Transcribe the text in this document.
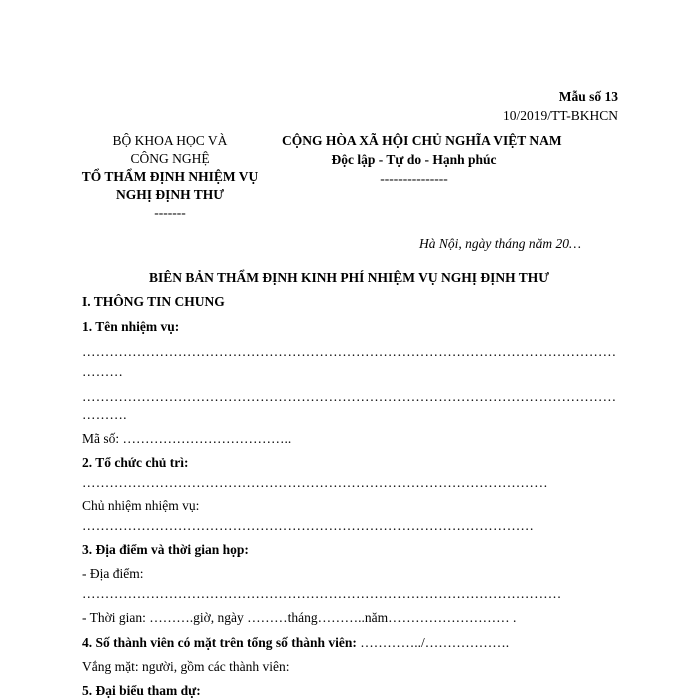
Mẫu số 13
10/2019/TT-BKHCN
BỘ KHOA HỌC VÀ
CÔNG NGHỆ
TỔ THẨM ĐỊNH NHIỆM VỤ
NGHỊ ĐỊNH THƯ
-------
CỘNG HÒA XÃ HỘI CHỦ NGHĨA VIỆT NAM
Độc lập - Tự do - Hạnh phúc
---------------
Hà Nội, ngày tháng năm 20…
BIÊN BẢN THẨM ĐỊNH KINH PHÍ NHIỆM VỤ NGHỊ ĐỊNH THƯ
I. THÔNG TIN CHUNG
1. Tên nhiệm vụ:
………………………………………………………………………………………………………
………
………………………………………………………………………………………………………
……….
Mã số: ………………………………..
2. Tổ chức chủ trì:
…………………………………………………………………………………………
Chủ nhiệm nhiệm vụ:
………………………………………………………………………………………
3. Địa điểm và thời gian họp:
- Địa điểm:
……………………………………………………………………………………………
- Thời gian: ……….giờ, ngày ………tháng………..năm……………………… .
4. Số thành viên có mặt trên tổng số thành viên: …………../……………….
Vắng mặt: người, gồm các thành viên:
5. Đại biểu tham dự:
